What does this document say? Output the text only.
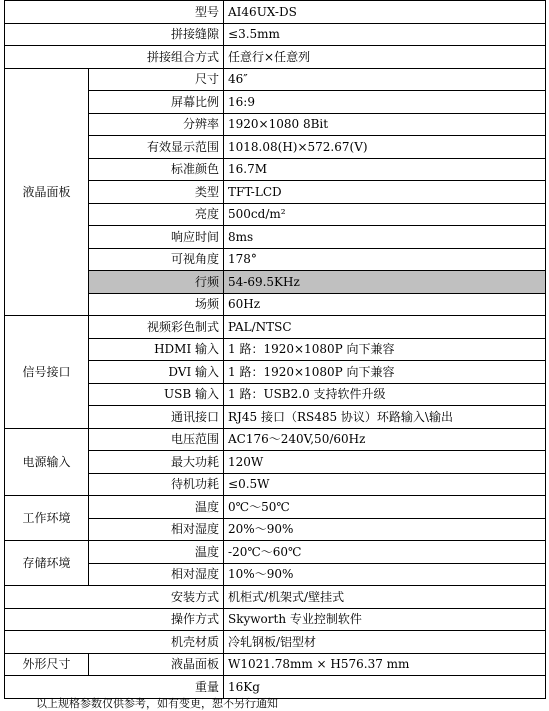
型号		AI46UX-DS
拼接缝隙		≤3.5mm
拼接组合方式		任意行×任意列
液晶面板	尺寸	46″
	屏幕比例	16:9
	分辨率	1920×1080 8Bit
	有效显示范围	1018.08(H)×572.67(V)
	标准颜色	16.7M
	类型	TFT-LCD
	亮度	500cd/m²
	响应时间	8ms
	可视角度	178°
	行频	54-69.5KHz
	场频	60Hz
信号接口	视频彩色制式	PAL/NTSC
	HDMI 输入	1 路：1920×1080P 向下兼容
	DVI 输入	1 路：1920×1080P 向下兼容
	USB 输入	1 路：USB2.0 支持软件升级
	通讯接口	RJ45 接口（RS485 协议）环路输入\输出
电源输入	电压范围	AC176～240V,50/60Hz
	最大功耗	120W
	待机功耗	≤0.5W
工作环境	温度	0℃～50℃
	相对湿度	20%～90%
存储环境	温度	-20℃～60℃
	相对湿度	10%～90%
安装方式		机柜式/机架式/壁挂式
操作方式		Skyworth 专业控制软件
机壳材质		冷轧钢板/铝型材
外形尺寸	液晶面板	W1021.78mm × H576.37 mm
重量		16Kg
以上规格参数仅供参考，如有变更，恕不另行通知
